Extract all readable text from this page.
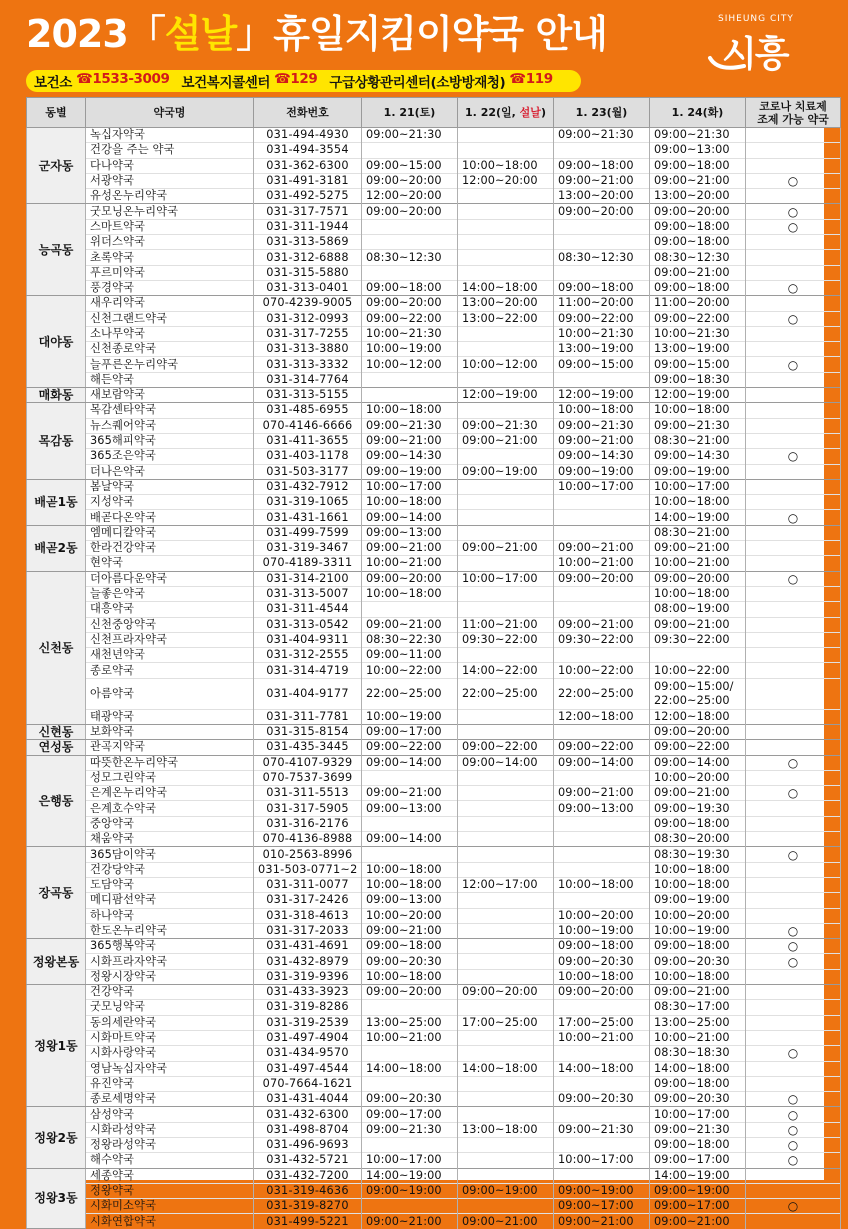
2023「설날」휴일지킴이약국 안내	SIHEUNG CITY
시흥
보건소 ☎1533-3009 보건복지콜센터 ☎129 구급상황관리센터(소방방재청) ☎119
동별	약국명	전화번호	1. 21(토)	1. 22(일, 설날)	1. 23(월)	1. 24(화)	코로나 치료제
조제 가능 약국
군자동	녹십자약국	031-494-4930	09:00~21:30		09:00~21:30	09:00~21:30	
	건강을 주는 약국	031-494-3554				09:00~13:00	
	다나약국	031-362-6300	09:00~15:00	10:00~18:00	09:00~18:00	09:00~18:00	
	서광약국	031-491-3181	09:00~20:00	12:00~20:00	09:00~21:00	09:00~21:00	○
	유성온누리약국	031-492-5275	12:00~20:00		13:00~20:00	13:00~20:00	
능곡동	굿모닝온누리약국	031-317-7571	09:00~20:00		09:00~20:00	09:00~20:00	○
	스마트약국	031-311-1944				09:00~18:00	○
	위더스약국	031-313-5869				09:00~18:00	
	초록약국	031-312-6888	08:30~12:30		08:30~12:30	08:30~12:30	
	푸르미약국	031-315-5880				09:00~21:00	
	풍경약국	031-313-0401	09:00~18:00	14:00~18:00	09:00~18:00	09:00~18:00	○
대야동	새우리약국	070-4239-9005	09:00~20:00	13:00~20:00	11:00~20:00	11:00~20:00	
	신천그랜드약국	031-312-0993	09:00~22:00	13:00~22:00	09:00~22:00	09:00~22:00	○
	소나무약국	031-317-7255	10:00~21:30		10:00~21:30	10:00~21:30	
	신천종로약국	031-313-3880	10:00~19:00		13:00~19:00	13:00~19:00	
	늘푸른온누리약국	031-313-3332	10:00~12:00	10:00~12:00	09:00~15:00	09:00~15:00	○
	해든약국	031-314-7764				09:00~18:30	
매화동	새보람약국	031-313-5155		12:00~19:00	12:00~19:00	12:00~19:00	
목감동	목감센타약국	031-485-6955	10:00~18:00		10:00~18:00	10:00~18:00	
	뉴스퀘어약국	070-4146-6666	09:00~21:30	09:00~21:30	09:00~21:30	09:00~21:30	
	365해피약국	031-411-3655	09:00~21:00	09:00~21:00	09:00~21:00	08:30~21:00	
	365조은약국	031-403-1178	09:00~14:30		09:00~14:30	09:00~14:30	○
	더나은약국	031-503-3177	09:00~19:00	09:00~19:00	09:00~19:00	09:00~19:00	
배곧1동	봄날약국	031-432-7912	10:00~17:00		10:00~17:00	10:00~17:00	
	지성약국	031-319-1065	10:00~18:00			10:00~18:00	
	배곧다온약국	031-431-1661	09:00~14:00			14:00~19:00	○
배곧2동	엠메디칼약국	031-499-7599	09:00~13:00			08:30~21:00	
	한라건강약국	031-319-3467	09:00~21:00	09:00~21:00	09:00~21:00	09:00~21:00	
	현약국	070-4189-3311	10:00~21:00		10:00~21:00	10:00~21:00	
신천동	더아름다운약국	031-314-2100	09:00~20:00	10:00~17:00	09:00~20:00	09:00~20:00	○
	늘좋은약국	031-313-5007	10:00~18:00			10:00~18:00	
	대흥약국	031-311-4544				08:00~19:00	
	신천중앙약국	031-313-0542	09:00~21:00	11:00~21:00	09:00~21:00	09:00~21:00	
	신천프라자약국	031-404-9311	08:30~22:30	09:30~22:00	09:30~22:00	09:30~22:00	
	새천년약국	031-312-2555	09:00~11:00				
	종로약국	031-314-4719	10:00~22:00	14:00~22:00	10:00~22:00	10:00~22:00	
	아름약국	031-404-9177	22:00~25:00	22:00~25:00	22:00~25:00	09:00~15:00/ 22:00~25:00	
	태광약국	031-311-7781	10:00~19:00		12:00~18:00	12:00~18:00	
신현동	보화약국	031-315-8154	09:00~17:00			09:00~20:00	
연성동	관곡지약국	031-435-3445	09:00~22:00	09:00~22:00	09:00~22:00	09:00~22:00	
은행동	따뜻한온누리약국	070-4107-9329	09:00~14:00	09:00~14:00	09:00~14:00	09:00~14:00	○
	성모그린약국	070-7537-3699				10:00~20:00	
	은계온누리약국	031-311-5513	09:00~21:00		09:00~21:00	09:00~21:00	○
	은계호수약국	031-317-5905	09:00~13:00		09:00~13:00	09:00~19:30	
	중앙약국	031-316-2176				09:00~18:00	
	채움약국	070-4136-8988	09:00~14:00			08:30~20:00	
장곡동	365담이약국	010-2563-8996				08:30~19:30	○
	건강당약국	031-503-0771~2	10:00~18:00			10:00~18:00	
	도담약국	031-311-0077	10:00~18:00	12:00~17:00	10:00~18:00	10:00~18:00	
	메디팜선약국	031-317-2426	09:00~13:00			09:00~19:00	
	하나약국	031-318-4613	10:00~20:00		10:00~20:00	10:00~20:00	
	한도온누리약국	031-317-2033	09:00~21:00		10:00~19:00	10:00~19:00	○
정왕본동	365행복약국	031-431-4691	09:00~18:00		09:00~18:00	09:00~18:00	○
	시화프라자약국	031-432-8979	09:00~20:30		09:00~20:30	09:00~20:30	○
	정왕시장약국	031-319-9396	10:00~18:00		10:00~18:00	10:00~18:00	
정왕1동	건강약국	031-433-3923	09:00~20:00	09:00~20:00	09:00~20:00	09:00~21:00	
	굿모닝약국	031-319-8286				08:30~17:00	
	동의세란약국	031-319-2539	13:00~25:00	17:00~25:00	17:00~25:00	13:00~25:00	
	시화마트약국	031-497-4904	10:00~21:00		10:00~21:00	10:00~21:00	
	시화사랑약국	031-434-9570				08:30~18:30	○
	영남녹십자약국	031-497-4544	14:00~18:00	14:00~18:00	14:00~18:00	14:00~18:00	
	유진약국	070-7664-1621				09:00~18:00	
	종로세명약국	031-431-4044	09:00~20:30		09:00~20:30	09:00~20:30	○
정왕2동	삼성약국	031-432-6300	09:00~17:00			10:00~17:00	○
	시화라성약국	031-498-8704	09:00~21:30	13:00~18:00	09:00~21:30	09:00~21:30	○
	정왕라성약국	031-496-9693				09:00~18:00	○
	해수약국	031-432-5721	10:00~17:00		10:00~17:00	09:00~17:00	○
정왕3동	세종약국	031-432-7200	14:00~19:00			14:00~19:00	
	정왕약국	031-319-4636	09:00~19:00	09:00~19:00	09:00~19:00	09:00~19:00	
	시화미소약국	031-319-8270			09:00~17:00	09:00~17:00	○
	시화연합약국	031-499-5221	09:00~21:00	09:00~21:00	09:00~21:00	09:00~21:00	
